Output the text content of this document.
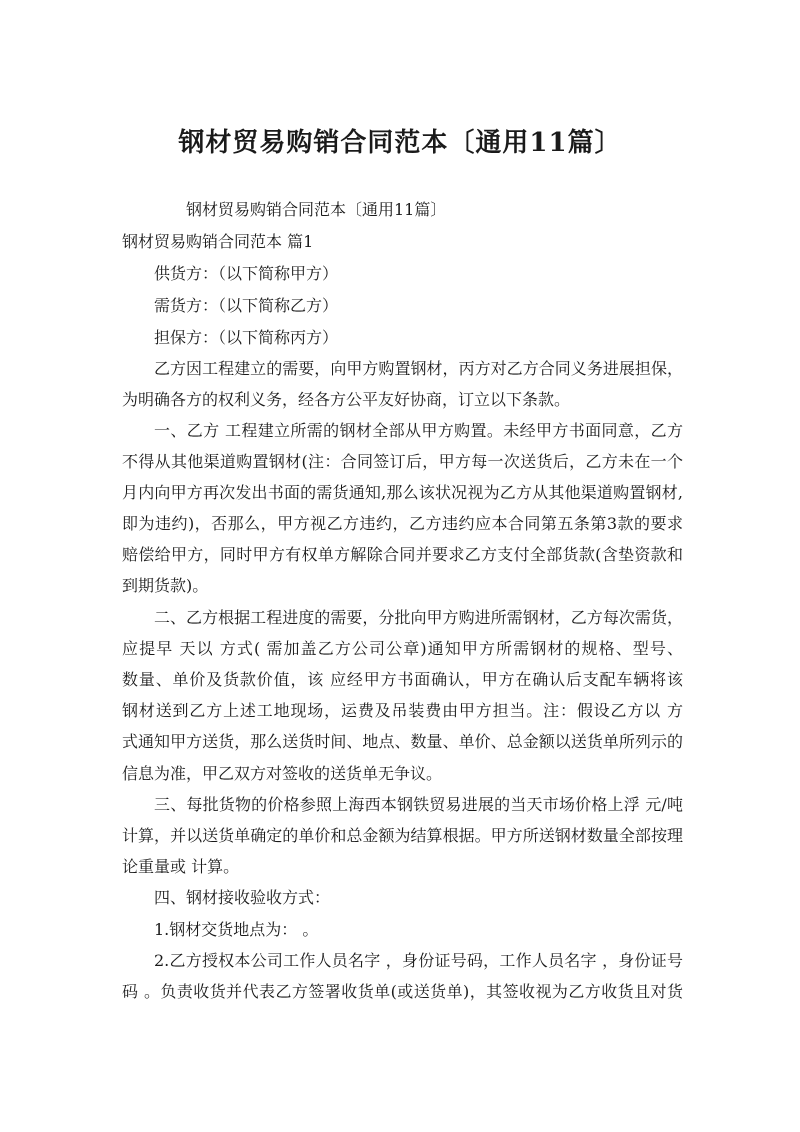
钢材贸易购销合同范本〔通用11篇〕
钢材贸易购销合同范本〔通用11篇〕
钢材贸易购销合同范本 篇1
供货方：（以下简称甲方）
需货方：（以下简称乙方）
担保方：（以下简称丙方）
乙方因工程建立的需要，向甲方购置钢材，丙方对乙方合同义务进展担保，
为明确各方的权利义务，经各方公平友好协商，订立以下条款。
一、乙方 工程建立所需的钢材全部从甲方购置。未经甲方书面同意，乙方
不得从其他渠道购置钢材(注：合同签订后，甲方每一次送货后，乙方未在一个
月内向甲方再次发出书面的需货通知,那么该状况视为乙方从其他渠道购置钢材,
即为违约)，否那么，甲方视乙方违约，乙方违约应本合同第五条第3款的要求
赔偿给甲方，同时甲方有权单方解除合同并要求乙方支付全部货款(含垫资款和
到期货款)。
二、乙方根据工程进度的需要，分批向甲方购进所需钢材，乙方每次需货，
应提早 天以 方式( 需加盖乙方公司公章)通知甲方所需钢材的规格、型号、
数量、单价及货款价值，该 应经甲方书面确认，甲方在确认后支配车辆将该
钢材送到乙方上述工地现场，运费及吊装费由甲方担当。注：假设乙方以 方
式通知甲方送货，那么送货时间、地点、数量、单价、总金额以送货单所列示的
信息为准，甲乙双方对签收的送货单无争议。
三、每批货物的价格参照上海西本钢铁贸易进展的当天市场价格上浮 元/吨
计算，并以送货单确定的单价和总金额为结算根据。甲方所送钢材数量全部按理
论重量或 计算。
四、钢材接收验收方式：
1.钢材交货地点为： 。
2.乙方授权本公司工作人员名字 ，身份证号码，工作人员名字 ，身份证号
码 。负责收货并代表乙方签署收货单(或送货单)，其签收视为乙方收货且对货
